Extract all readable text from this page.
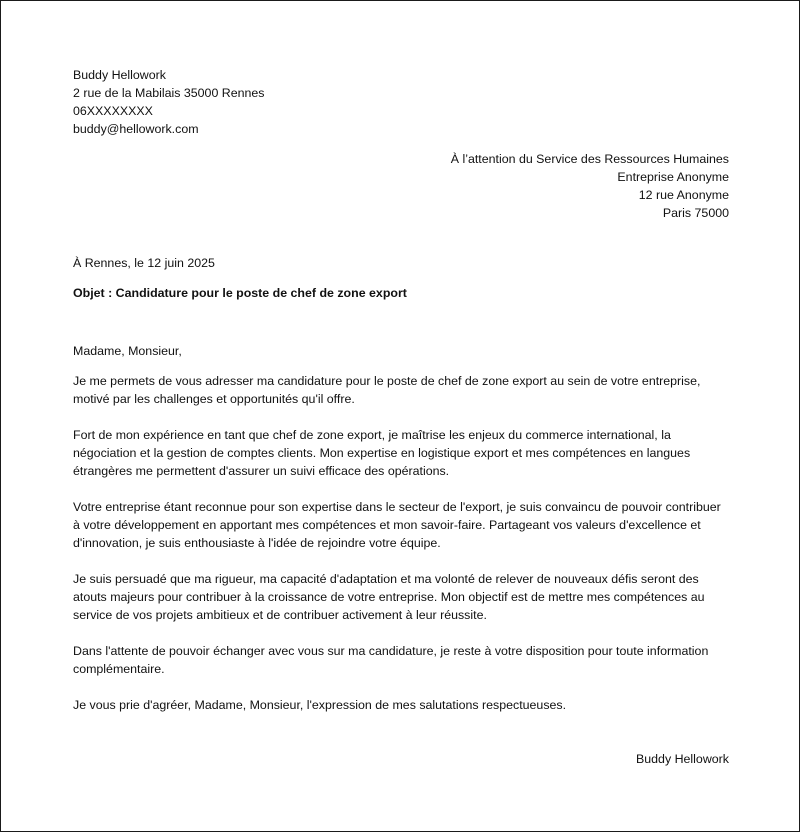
Buddy Hellowork
2 rue de la Mabilais 35000 Rennes
06XXXXXXXX
buddy@hellowork.com
À l’attention du Service des Ressources Humaines
Entreprise Anonyme
12 rue Anonyme
Paris 75000
À Rennes, le 12 juin 2025
Objet : Candidature pour le poste de chef de zone export
Madame, Monsieur,
Je me permets de vous adresser ma candidature pour le poste de chef de zone export au sein de votre entreprise, motivé par les challenges et opportunités qu'il offre.
Fort de mon expérience en tant que chef de zone export, je maîtrise les enjeux du commerce international, la négociation et la gestion de comptes clients. Mon expertise en logistique export et mes compétences en langues étrangères me permettent d'assurer un suivi efficace des opérations.
Votre entreprise étant reconnue pour son expertise dans le secteur de l'export, je suis convaincu de pouvoir contribuer à votre développement en apportant mes compétences et mon savoir-faire. Partageant vos valeurs d'excellence et d'innovation, je suis enthousiaste à l'idée de rejoindre votre équipe.
Je suis persuadé que ma rigueur, ma capacité d'adaptation et ma volonté de relever de nouveaux défis seront des atouts majeurs pour contribuer à la croissance de votre entreprise. Mon objectif est de mettre mes compétences au service de vos projets ambitieux et de contribuer activement à leur réussite.
Dans l'attente de pouvoir échanger avec vous sur ma candidature, je reste à votre disposition pour toute information complémentaire.
Je vous prie d'agréer, Madame, Monsieur, l'expression de mes salutations respectueuses.
Buddy Hellowork
